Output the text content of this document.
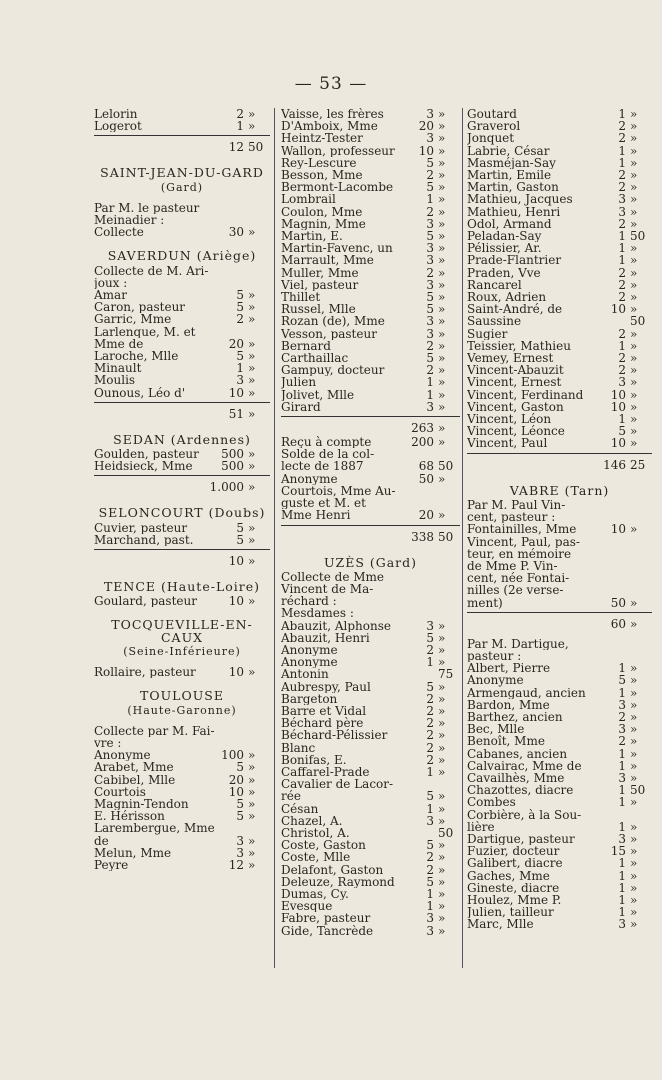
— 53 —
Lelorin	2 »
Logerot	1 »
12 50
SAINT-JEAN-DU-GARD
(Gard)
Par M. le pasteur
Meinadier :
Collecte	30 »
SAVERDUN (Ariège)
Collecte de M. Ari-
joux :
Amar	5 »
Caron, pasteur	5 »
Garric, Mme	2 »
Larlenque, M. et
Mme de	20 »
Laroche, Mlle	5 »
Minault	1 »
Moulis	3 »
Ounous, Léo d'	10 »
51 »
SEDAN (Ardennes)
Goulden, pasteur	500 »
Heidsieck, Mme	500 »
1.000 »
SELONCOURT (Doubs)
Cuvier, pasteur	5 »
Marchand, past.	5 »
10 »
TENCE (Haute-Loire)
Goulard, pasteur	10 »
TOCQUEVILLE-EN-CAUX
(Seine-Inférieure)
Rollaire, pasteur	10 »
TOULOUSE
(Haute-Garonne)
Collecte par M. Fai-
vre :
Anonyme	100 »
Arabet, Mme	5 »
Cabibel, Mlle	20 »
Courtois	10 »
Magnin-Tendon	5 »
E. Hérisson	5 »
Larembergue, Mme
de	3 »
Melun, Mme	3 »
Peyre	12 »
Vaisse, les frères	3 »
D'Amboix, Mme	20 »
Heintz-Tester	3 »
Wallon, professeur	10 »
Rey-Lescure	5 »
Besson, Mme	2 »
Bermont-Lacombe	5 »
Lombrail	1 »
Coulon, Mme	2 »
Magnin, Mme	3 »
Martin, E.	5 »
Martin-Favenc, un	3 »
Marrault, Mme	3 »
Muller, Mme	2 »
Viel, pasteur	3 »
Thillet	5 »
Russel, Mlle	5 »
Rozan (de), Mme	3 »
Vesson, pasteur	3 »
Bernard	2 »
Carthaillac	5 »
Gampuy, docteur	2 »
Julien	1 »
Jolivet, Mlle	1 »
Girard	3 »
263 »
Reçu à compte	200 »
Solde de la col-
lecte de 1887	68 50
Anonyme	50 »
Courtois, Mme Au-
guste et M. et
Mme Henri	20 »
338 50
UZÈS (Gard)
Collecte de Mme
Vincent de Ma-
réchard :
Mesdames :
Abauzit, Alphonse	3 »
Abauzit, Henri	5 »
Anonyme	2 »
Anonyme	1 »
Antonin	75
Aubrespy, Paul	5 »
Bargeton	2 »
Barre et Vidal	2 »
Béchard père	2 »
Béchard-Pélissier	2 »
Blanc	2 »
Bonifas, E.	2 »
Caffarel-Prade	1 »
Cavalier de Lacor-
rée	5 »
Césan	1 »
Chazel, A.	3 »
Christol, A.	50
Coste, Gaston	5 »
Coste, Mlle	2 »
Delafont, Gaston	2 »
Deleuze, Raymond	5 »
Dumas, Cy.	1 »
Evesque	1 »
Fabre, pasteur	3 »
Gide, Tancrède	3 »
Goutard	1 »
Graverol	2 »
Jonquet	2 »
Labrie, César	1 »
Masméjan-Say	1 »
Martin, Emile	2 »
Martin, Gaston	2 »
Mathieu, Jacques	3 »
Mathieu, Henri	3 »
Odol, Armand	2 »
Peladan-Say	1 50
Pélissier, Ar.	1 »
Prade-Flantrier	1 »
Praden, Vve	2 »
Rancarel	2 »
Roux, Adrien	2 »
Saint-André, de	10 »
Saussine	50
Sugier	2 »
Teissier, Mathieu	1 »
Vemey, Ernest	2 »
Vincent-Abauzit	2 »
Vincent, Ernest	3 »
Vincent, Ferdinand	10 »
Vincent, Gaston	10 »
Vincent, Léon	1 »
Vincent, Léonce	5 »
Vincent, Paul	10 »
146 25
VABRE (Tarn)
Par M. Paul Vin-
cent, pasteur :
Fontainilles, Mme	10 »
Vincent, Paul, pas-
teur, en mémoire
de Mme P. Vin-
cent, née Fontai-
nilles (2e verse-
ment)	50 »
60 »
Par M. Dartigue,
pasteur :
Albert, Pierre	1 »
Anonyme	5 »
Armengaud, ancien	1 »
Bardon, Mme	3 »
Barthez, ancien	2 »
Bec, Mlle	3 »
Benoît, Mme	2 »
Cabanes, ancien	1 »
Calvairac, Mme de	1 »
Cavailhès, Mme	3 »
Chazottes, diacre	1 50
Combes	1 »
Corbière, à la Sou-
lière	1 »
Dartigue, pasteur	3 »
Fuzier, docteur	15 »
Galibert, diacre	1 »
Gaches, Mme	1 »
Gineste, diacre	1 »
Houlez, Mme P.	1 »
Julien, tailleur	1 »
Marc, Mlle	3 »
